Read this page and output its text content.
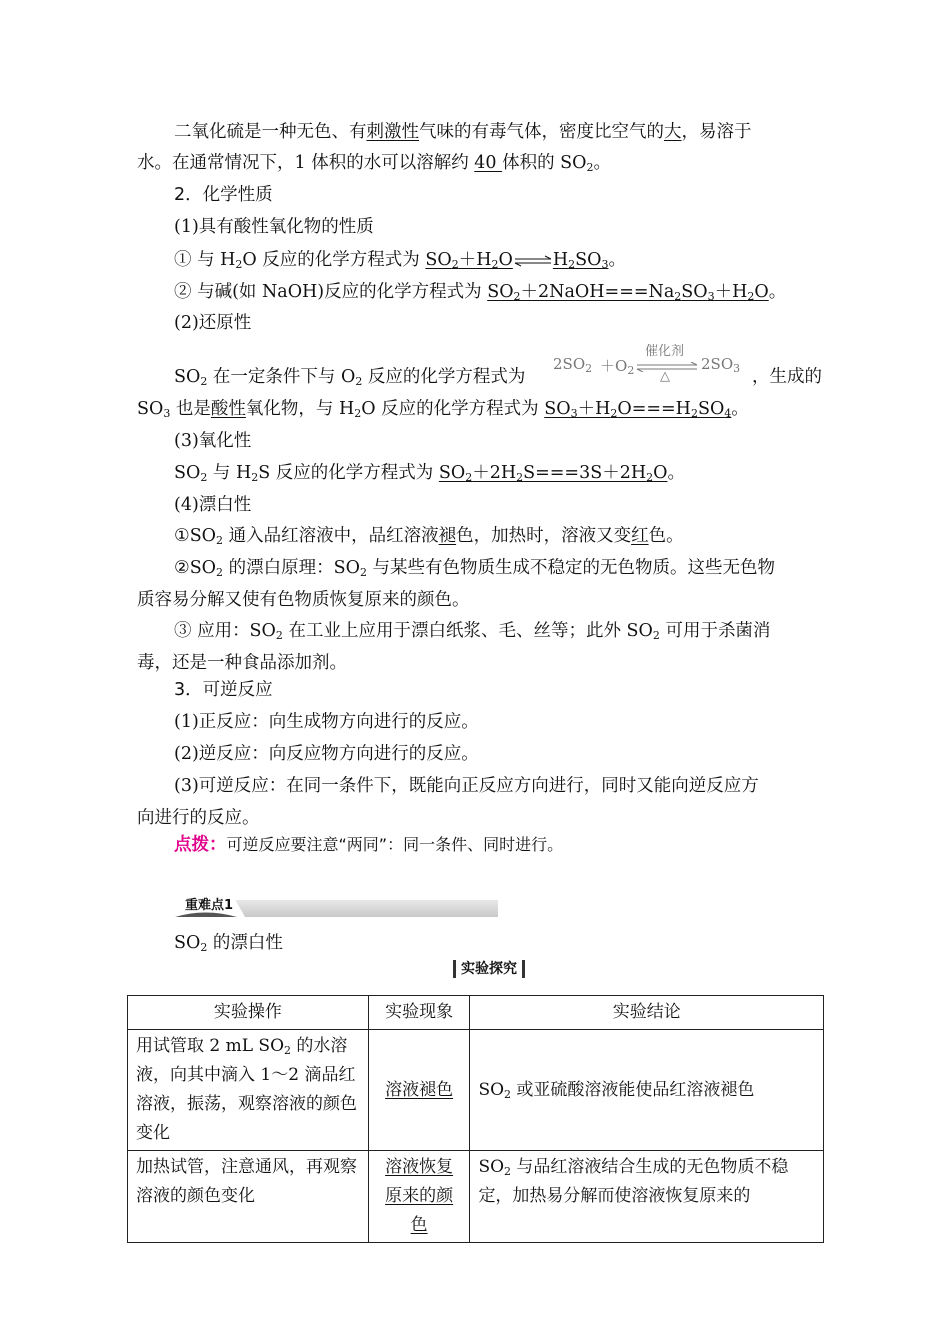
二氧化硫是一种无色、有刺激性气味的有毒气体，密度比空气的大，易溶于
水。在通常情况下，1 体积的水可以溶解约 40 体积的 $SO_2$。
2．化学性质
(1)具有酸性氧化物的性质
① 与 $H_2O$ 反应的化学方程式为 $SO_2+H_2O\rightleftharpoons H_2SO_3$。
② 与碱(如 NaOH)反应的化学方程式为 $SO_2+2NaOH===Na_2SO_3+H_2O$。
(2)还原性
$SO_2$ 在一定条件下与 $O_2$ 反应的化学方程式为
$2SO_2 +O_2$
催化剂
△
$2SO_3$ ，生成的
$SO_3$ 也是酸性氧化物，与 $H_2O$ 反应的化学方程式为 $SO_3+H_2O===H_2SO_4$。
(3)氧化性
$SO_2$ 与 $H_2S$ 反应的化学方程式为 $SO_2+2H_2S===3S+2H_2O$。
(4)漂白性
$①SO_2$ 通入品红溶液中，品红溶液褪色，加热时，溶液又变红色。
$②SO_2$ 的漂白原理：$SO_2$ 与某些有色物质生成不稳定的无色物质。这些无色物
质容易分解又使有色物质恢复原来的颜色。
③ 应用：$SO_2$ 在工业上应用于漂白纸浆、毛、丝等；此外 $SO_2$ 可用于杀菌消
毒，还是一种食品添加剂。
3．可逆反应
(1)正反应：向生成物方向进行的反应。
(2)逆反应：向反应物方向进行的反应。
(3)可逆反应：在同一条件下，既能向正反应方向进行，同时又能向逆反应方
向进行的反应。
点拨：可逆反应要注意“两同”：同一条件、同时进行。
重难点1
$SO_2$ 的漂白性
实验探究
实验操作	实验现象	实验结论
用试管取 2 mL $SO_2$ 的水溶液，向其中滴入 1～2 滴品红溶液，振荡，观察溶液的颜色变化	溶液褪色	$SO_2$ 或亚硫酸溶液能使品红溶液褪色
加热试管，注意通风，再观察溶液的颜色变化	溶液恢复原来的颜色	$SO_2$ 与品红溶液结合生成的无色物质不稳定，加热易分解而使溶液恢复原来的
